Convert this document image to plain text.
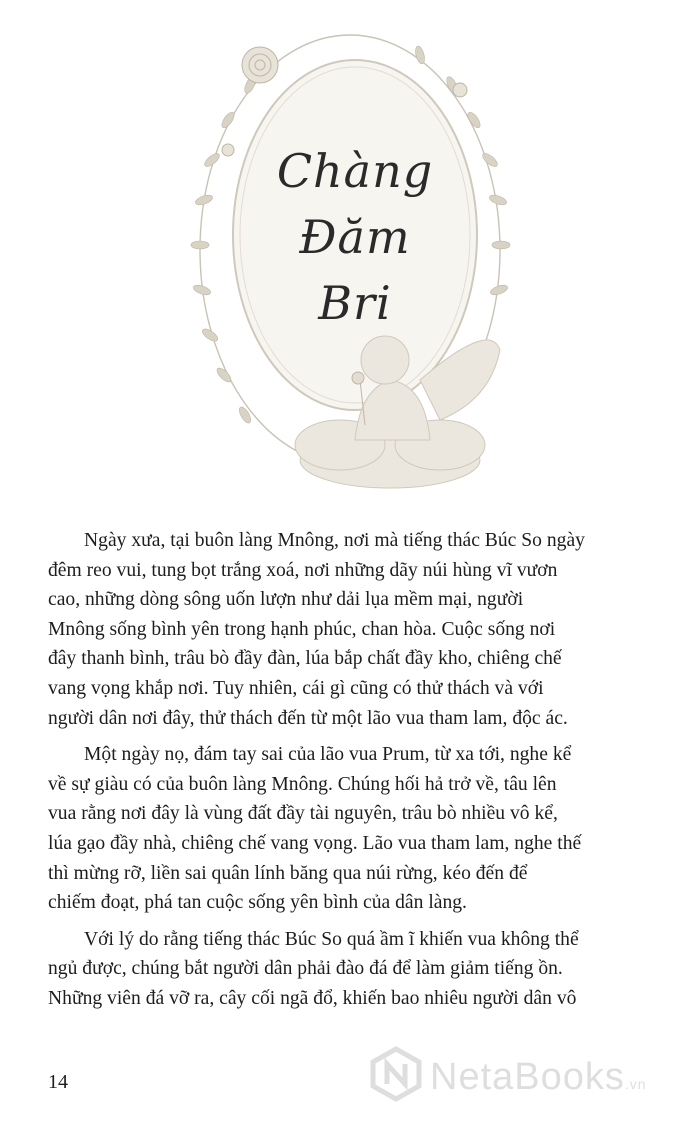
Chàng
Đăm
Bri

Ngày xưa, tại buôn làng Mnông, nơi mà tiếng thác Búc So ngày
đêm reo vui, tung bọt trắng xoá, nơi những dãy núi hùng vĩ vươn
cao, những dòng sông uốn lượn như dải lụa mềm mại, người
Mnông sống bình yên trong hạnh phúc, chan hòa. Cuộc sống nơi
đây thanh bình, trâu bò đầy đàn, lúa bắp chất đầy kho, chiêng chế
vang vọng khắp nơi. Tuy nhiên, cái gì cũng có thử thách và với
người dân nơi đây, thử thách đến từ một lão vua tham lam, độc ác.

Một ngày nọ, đám tay sai của lão vua Prum, từ xa tới, nghe kể
về sự giàu có của buôn làng Mnông. Chúng hối hả trở về, tâu lên
vua rằng nơi đây là vùng đất đầy tài nguyên, trâu bò nhiều vô kể,
lúa gạo đầy nhà, chiêng chế vang vọng. Lão vua tham lam, nghe thế
thì mừng rỡ, liền sai quân lính băng qua núi rừng, kéo đến để
chiếm đoạt, phá tan cuộc sống yên bình của dân làng.

Với lý do rằng tiếng thác Búc So quá ầm ĩ khiến vua không thể
ngủ được, chúng bắt người dân phải đào đá để làm giảm tiếng ồn.
Những viên đá vỡ ra, cây cối ngã đổ, khiến bao nhiêu người dân vô

14	NetaBooks.vn
